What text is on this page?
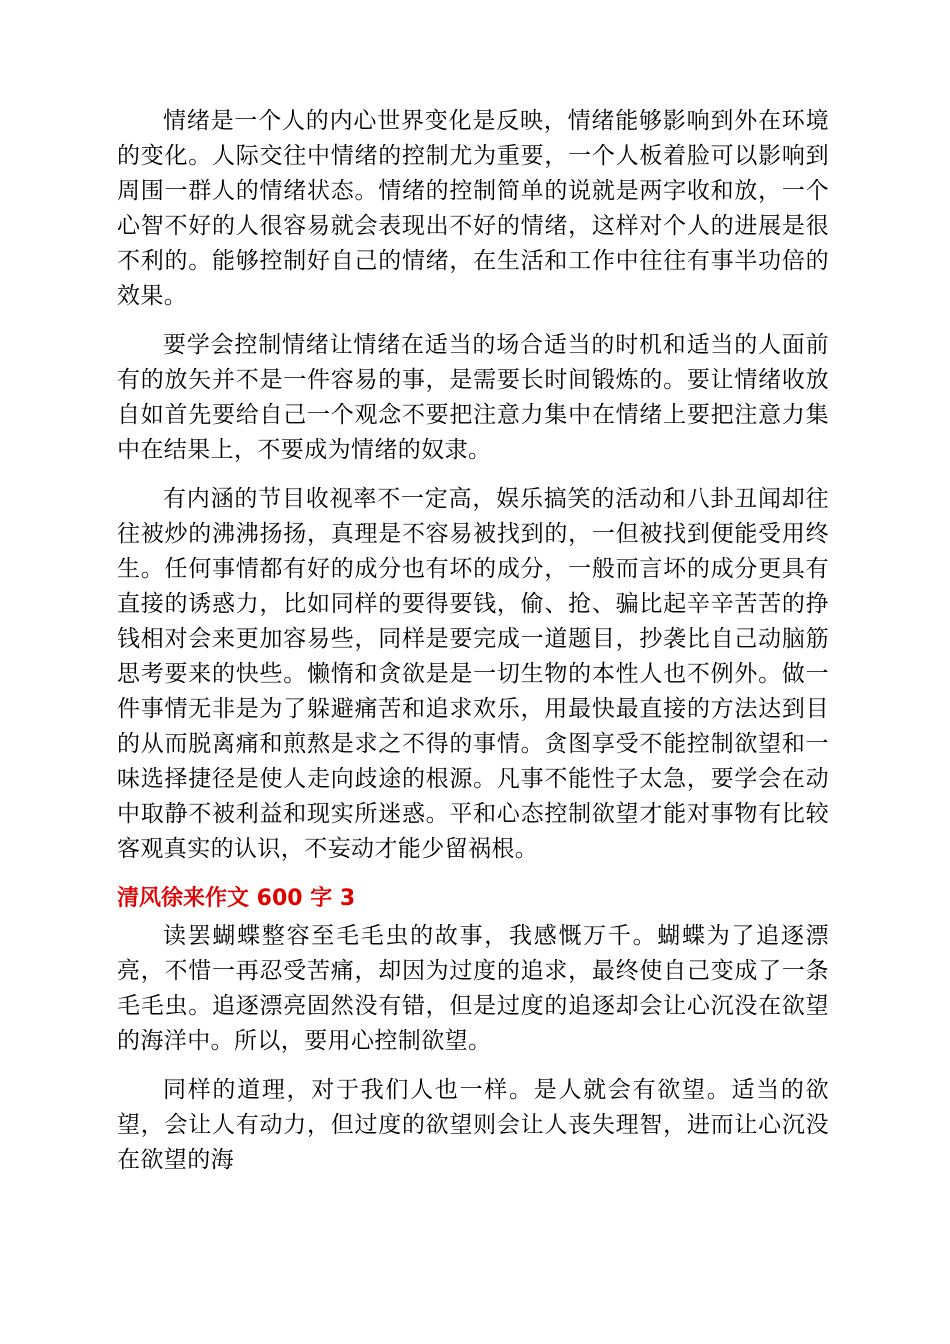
情绪是一个人的内心世界变化是反映，情绪能够影响到外在环境的变化。人际交往中情绪的控制尤为重要，一个人板着脸可以影响到周围一群人的情绪状态。情绪的控制简单的说就是两字收和放，一个心智不好的人很容易就会表现出不好的情绪，这样对个人的进展是很不利的。能够控制好自己的情绪，在生活和工作中往往有事半功倍的效果。

要学会控制情绪让情绪在适当的场合适当的时机和适当的人面前有的放矢并不是一件容易的事，是需要长时间锻炼的。要让情绪收放自如首先要给自己一个观念不要把注意力集中在情绪上要把注意力集中在结果上，不要成为情绪的奴隶。

有内涵的节目收视率不一定高，娱乐搞笑的活动和八卦丑闻却往往被炒的沸沸扬扬，真理是不容易被找到的，一但被找到便能受用终生。任何事情都有好的成分也有坏的成分，一般而言坏的成分更具有直接的诱惑力，比如同样的要得要钱，偷、抢、骗比起辛辛苦苦的挣钱相对会来更加容易些，同样是要完成一道题目，抄袭比自己动脑筋思考要来的快些。懒惰和贪欲是是一切生物的本性人也不例外。做一件事情无非是为了躲避痛苦和追求欢乐，用最快最直接的方法达到目的从而脱离痛和煎熬是求之不得的事情。贪图享受不能控制欲望和一味选择捷径是使人走向歧途的根源。凡事不能性子太急，要学会在动中取静不被利益和现实所迷惑。平和心态控制欲望才能对事物有比较客观真实的认识，不妄动才能少留祸根。

清风徐来作文 600 字 3

读罢蝴蝶整容至毛毛虫的故事，我感慨万千。蝴蝶为了追逐漂亮，不惜一再忍受苦痛，却因为过度的追求，最终使自己变成了一条毛毛虫。追逐漂亮固然没有错，但是过度的追逐却会让心沉没在欲望的海洋中。所以，要用心控制欲望。

同样的道理，对于我们人也一样。是人就会有欲望。适当的欲望，会让人有动力，但过度的欲望则会让人丧失理智，进而让心沉没在欲望的海
